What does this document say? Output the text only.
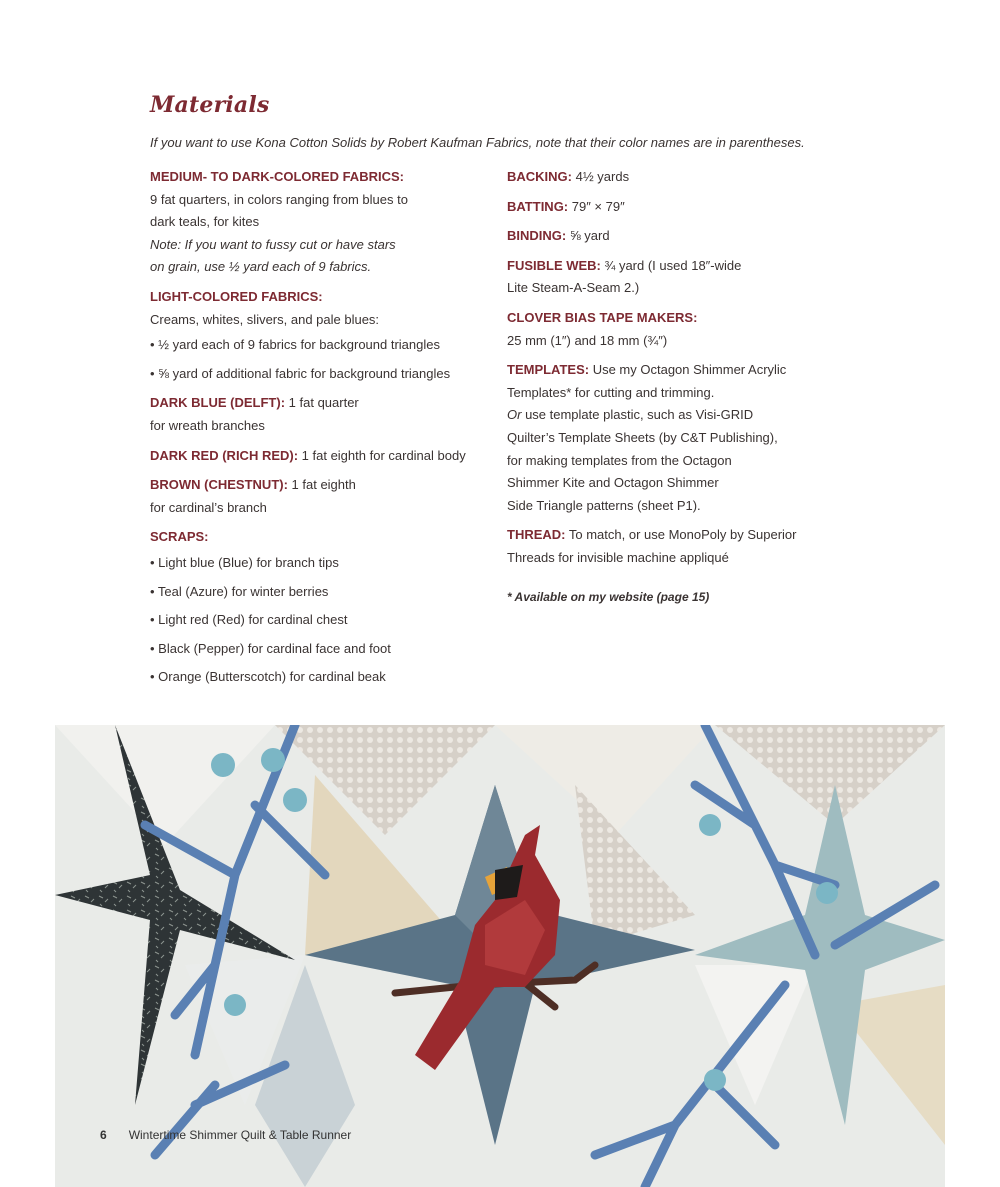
Materials
If you want to use Kona Cotton Solids by Robert Kaufman Fabrics, note that their color names are in parentheses.
MEDIUM- TO DARK-COLORED FABRICS:
9 fat quarters, in colors ranging from blues to
dark teals, for kites
Note: If you want to fussy cut or have stars
on grain, use ½ yard each of 9 fabrics.
LIGHT-COLORED FABRICS:
Creams, whites, slivers, and pale blues:
• ½ yard each of 9 fabrics for background triangles
• ⅝ yard of additional fabric for background triangles
DARK BLUE (DELFT): 1 fat quarter
for wreath branches
DARK RED (RICH RED): 1 fat eighth for cardinal body
BROWN (CHESTNUT): 1 fat eighth
for cardinal’s branch
SCRAPS:
• Light blue (Blue) for branch tips
• Teal (Azure) for winter berries
• Light red (Red) for cardinal chest
• Black (Pepper) for cardinal face and foot
• Orange (Butterscotch) for cardinal beak
BACKING: 4½ yards
BATTING: 79″ × 79″
BINDING: ⅝ yard
FUSIBLE WEB: ¾ yard (I used 18″-wide
Lite Steam-A-Seam 2.)
CLOVER BIAS TAPE MAKERS:
25 mm (1″) and 18 mm (¾″)
TEMPLATES: Use my Octagon Shimmer Acrylic
Templates* for cutting and trimming.
Or use template plastic, such as Visi-GRID
Quilter’s Template Sheets (by C&T Publishing),
for making templates from the Octagon
Shimmer Kite and Octagon Shimmer
Side Triangle patterns (sheet P1).
THREAD: To match, or use MonoPoly by Superior
Threads for invisible machine appliqué
* Available on my website (page 15)
6 Wintertime Shimmer Quilt & Table Runner
